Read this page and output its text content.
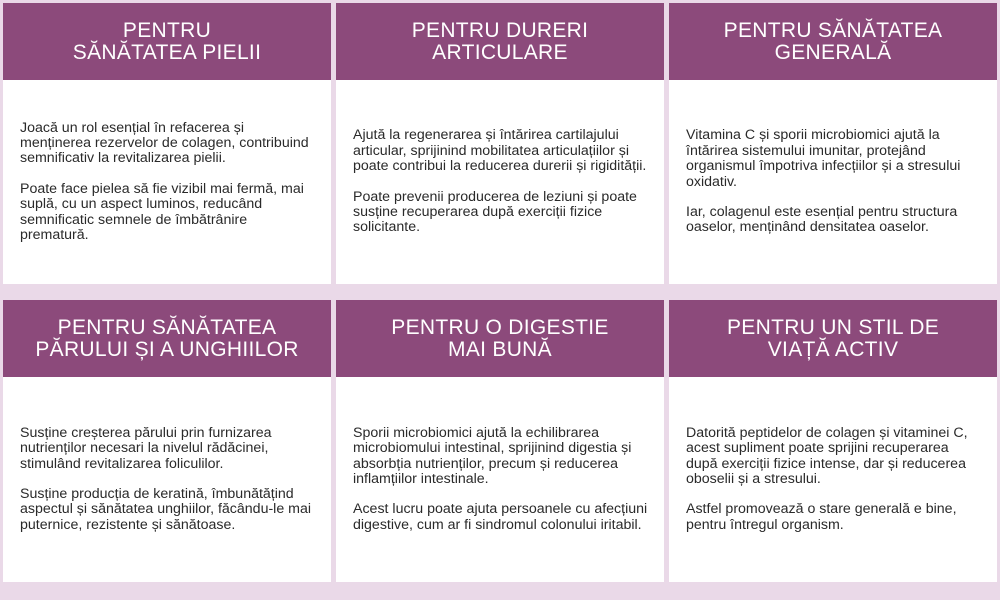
PENTRU
SĂNĂTATEA PIELII

Joacă un rol esențial în refacerea și menținerea rezervelor de colagen, contribuind semnificativ la revitalizarea pielii.

Poate face pielea să fie vizibil mai fermă, mai suplă, cu un aspect luminos, reducând semnificatic semnele de îmbătrânire prematură.

PENTRU DURERI
ARTICULARE

Ajută la regenerarea și întărirea cartilajului articular, sprijinind mobilitatea articulațiilor și poate contribui la reducerea durerii și rigidității.

Poate prevenii producerea de leziuni și poate susține recuperarea după exerciții fizice solicitante.

PENTRU SĂNĂTATEA
GENERALĂ

Vitamina C și sporii microbiomici ajută la întărirea sistemului imunitar, protejând organismul împotriva infecțiilor și a stresului oxidativ.

Iar, colagenul este esențial pentru structura oaselor, menținând densitatea oaselor.

PENTRU SĂNĂTATEA
PĂRULUI ȘI A UNGHIILOR

Susține creșterea părului prin furnizarea nutrienților necesari la nivelul rădăcinei, stimulând revitalizarea foliculilor.

Susține producția de keratină, îmbunătățind aspectul și sănătatea unghiilor, făcându-le mai puternice, rezistente și sănătoase.

PENTRU O DIGESTIE
MAI BUNĂ

Sporii microbiomici ajută la echilibrarea microbiomului intestinal, sprijinind digestia și absorbția nutrienților, precum și reducerea inflamțiilor intestinale.

Acest lucru poate ajuta persoanele cu afecțiuni digestive, cum ar fi sindromul colonului iritabil.

PENTRU UN STIL DE
VIAȚĂ ACTIV

Datorită peptidelor de colagen și vitaminei C, acest supliment poate sprijini recuperarea după exerciții fizice intense, dar și reducerea oboselii și a stresului.

Astfel promovează o stare generală e bine, pentru întregul organism.
